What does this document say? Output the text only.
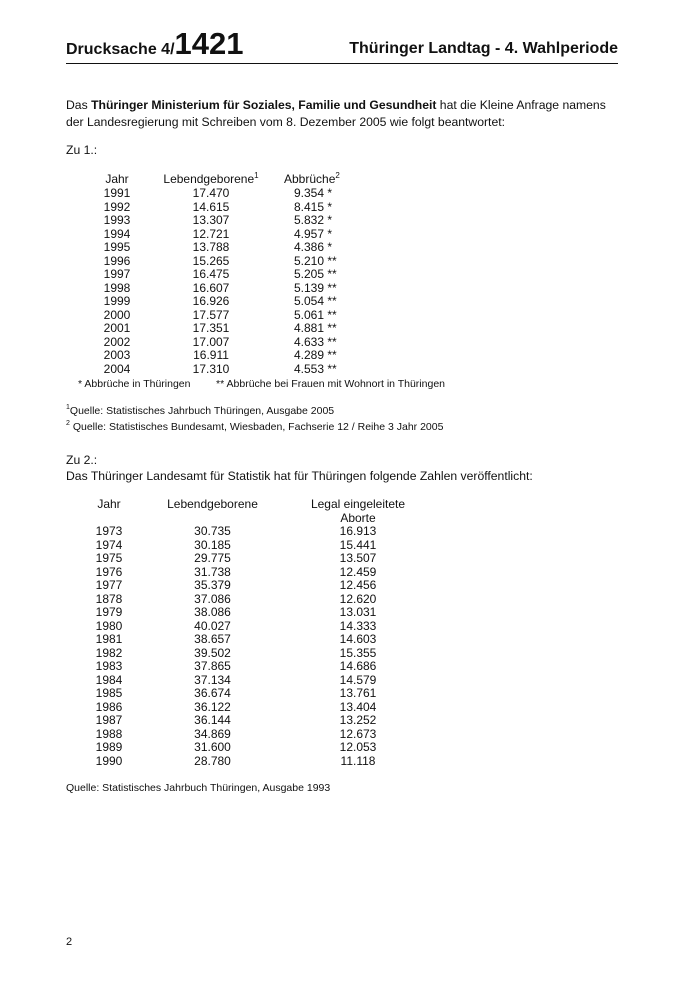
Drucksache 4/1421	Thüringer Landtag - 4. Wahlperiode
Das Thüringer Ministerium für Soziales, Familie und Gesundheit hat die Kleine Anfrage namens der Landesregierung mit Schreiben vom 8. Dezember 2005 wie folgt beantwortet:
Zu 1.:
Jahr	Lebendgeborene$^1$	Abbrüche$^2$
1991	17.470	9.354 *
1992	14.615	8.415 *
1993	13.307	5.832 *
1994	12.721	4.957 *
1995	13.788	4.386 *
1996	15.265	5.210 **
1997	16.475	5.205 **
1998	16.607	5.139 **
1999	16.926	5.054 **
2000	17.577	5.061 **
2001	17.351	4.881 **
2002	17.007	4.633 **
2003	16.911	4.289 **
2004	17.310	4.553 **
* Abbrüche in Thüringen ** Abbrüche bei Frauen mit Wohnort in Thüringen
$^1$Quelle: Statistisches Jahrbuch Thüringen, Ausgabe 2005
$^2$ Quelle: Statistisches Bundesamt, Wiesbaden, Fachserie 12 / Reihe 3 Jahr 2005
Zu 2.:
Das Thüringer Landesamt für Statistik hat für Thüringen folgende Zahlen veröffentlicht:
Jahr	Lebendgeborene	Legal eingeleitete
		Aborte
1973	30.735	16.913
1974	30.185	15.441
1975	29.775	13.507
1976	31.738	12.459
1977	35.379	12.456
1878	37.086	12.620
1979	38.086	13.031
1980	40.027	14.333
1981	38.657	14.603
1982	39.502	15.355
1983	37.865	14.686
1984	37.134	14.579
1985	36.674	13.761
1986	36.122	13.404
1987	36.144	13.252
1988	34.869	12.673
1989	31.600	12.053
1990	28.780	11.118
Quelle: Statistisches Jahrbuch Thüringen, Ausgabe 1993
2
